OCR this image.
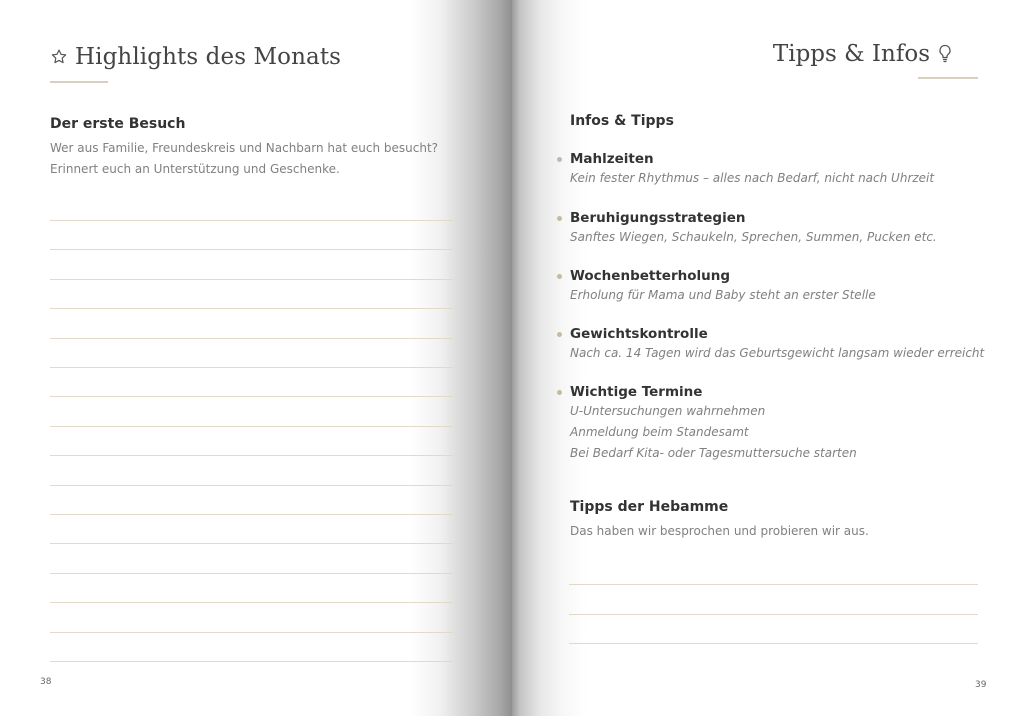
Highlights des Monats
Der erste Besuch
Wer aus Familie, Freundeskreis und Nachbarn hat euch besucht?
Erinnert euch an Unterstützung und Geschenke.
38
Tipps & Infos
Infos & Tipps
Mahlzeiten
Kein fester Rhythmus – alles nach Bedarf, nicht nach Uhrzeit
Beruhigungsstrategien
Sanftes Wiegen, Schaukeln, Sprechen, Summen, Pucken etc.
Wochenbetterholung
Erholung für Mama und Baby steht an erster Stelle
Gewichtskontrolle
Nach ca. 14 Tagen wird das Geburtsgewicht langsam wieder erreicht
Wichtige Termine
U-Untersuchungen wahrnehmen
Anmeldung beim Standesamt
Bei Bedarf Kita- oder Tagesmuttersuche starten
Tipps der Hebamme
Das haben wir besprochen und probieren wir aus.
39
